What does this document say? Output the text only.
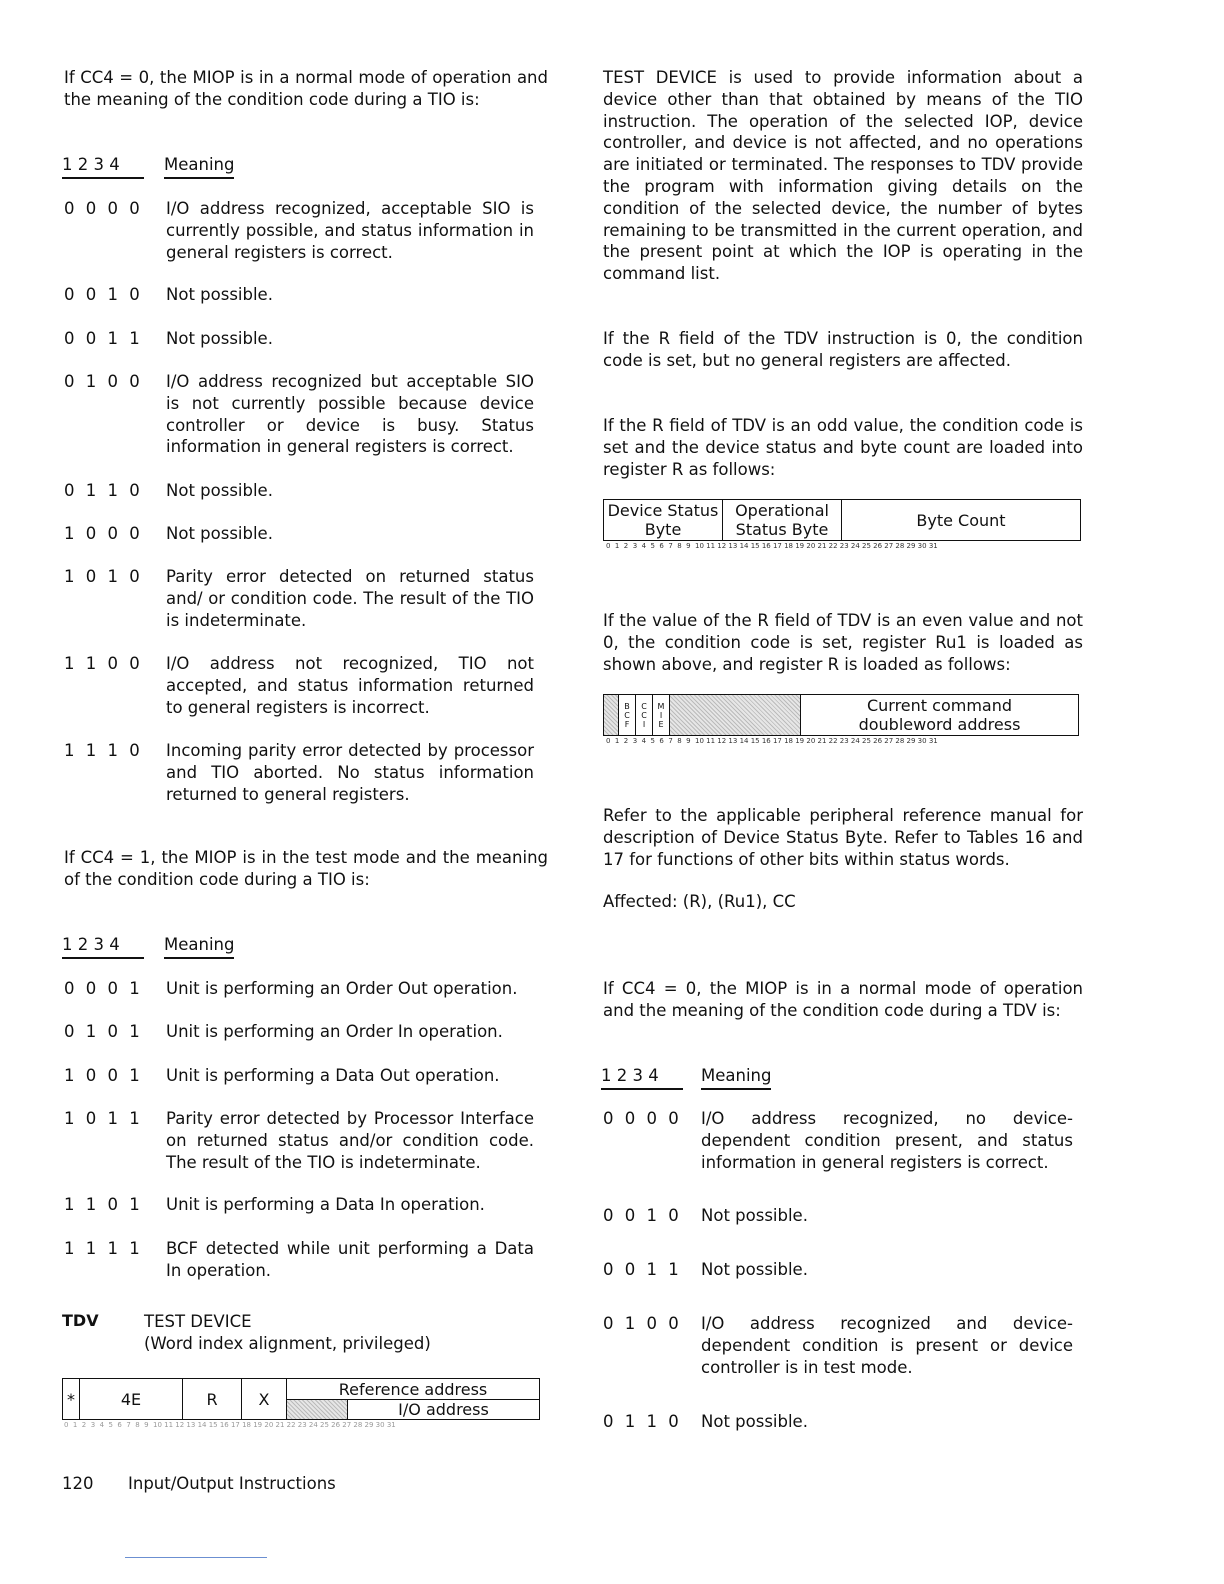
If CC4 = 0, the MIOP is in a normal mode of operation and the meaning of the condition code during a TIO is:

1 2 3 4	Meaning
0 0 0 0	I/O address recognized, acceptable SIO is currently possible, and status information in general registers is correct.
0 0 1 0	Not possible.
0 0 1 1	Not possible.
0 1 0 0	I/O address recognized but acceptable SIO is not currently possible because device controller or device is busy. Status information in general registers is correct.
0 1 1 0	Not possible.
1 0 0 0	Not possible.
1 0 1 0	Parity error detected on returned status and/ or condition code. The result of the TIO is indeterminate.
1 1 0 0	I/O address not recognized, TIO not accepted, and status information returned to general registers is incorrect.
1 1 1 0	Incoming parity error detected by processor and TIO aborted. No status information returned to general registers.

If CC4 = 1, the MIOP is in the test mode and the meaning of the condition code during a TIO is:

1 2 3 4	Meaning
0 0 0 1	Unit is performing an Order Out operation.
0 1 0 1	Unit is performing an Order In operation.
1 0 0 1	Unit is performing a Data Out operation.
1 0 1 1	Parity error detected by Processor Interface on returned status and/or condition code. The result of the TIO is indeterminate.
1 1 0 1	Unit is performing a Data In operation.
1 1 1 1	BCF detected while unit performing a Data In operation.
TDV	TEST DEVICE
(Word index alignment, privileged)
*	4E	R	X
Reference address
I/O address
0  1  2  3  4  5  6  7  8  9  10 11 12 13 14 15 16 17 18 19 20 21 22 23 24 25 26 27 28 29 30 31

TEST DEVICE is used to provide information about a device other than that obtained by means of the TIO instruction. The operation of the selected IOP, device controller, and device is not affected, and no operations are initiated or terminated. The responses to TDV provide the program with information giving details on the condition of the selected device, the number of bytes remaining to be transmitted in the current operation, and the present point at which the IOP is operating in the command list.

If the R field of the TDV instruction is 0, the condition code is set, but no general registers are affected.

If the R field of TDV is an odd value, the condition code is set and the device status and byte count are loaded into register R as follows:

Device Status Byte
Operational Status Byte	Byte Count
0  1  2  3  4  5  6  7  8  9  10 11 12 13 14 15 16 17 18 19 20 21 22 23 24 25 26 27 28 29 30 31

If the value of the R field of TDV is an even value and not 0, the condition code is set, register Ru1 is loaded as shown above, and register R is loaded as follows:

B C F
C C I
M I E
Current command doubleword address
0  1  2  3  4  5  6  7  8  9  10 11 12 13 14 15 16 17 18 19 20 21 22 23 24 25 26 27 28 29 30 31

Refer to the applicable peripheral reference manual for description of Device Status Byte. Refer to Tables 16 and 17 for functions of other bits within status words.

Affected: (R), (Ru1), CC

If CC4 = 0, the MIOP is in a normal mode of operation and the meaning of the condition code during a TDV is:

1 2 3 4	Meaning
0 0 0 0	I/O address recognized, no device-dependent condition present, and status information in general registers is correct.
0 0 1 0	Not possible.
0 0 1 1	Not possible.
0 1 0 0	I/O address recognized and device-dependent condition is present or device controller is in test mode.
0 1 1 0	Not possible.
120 Input/Output Instructions
